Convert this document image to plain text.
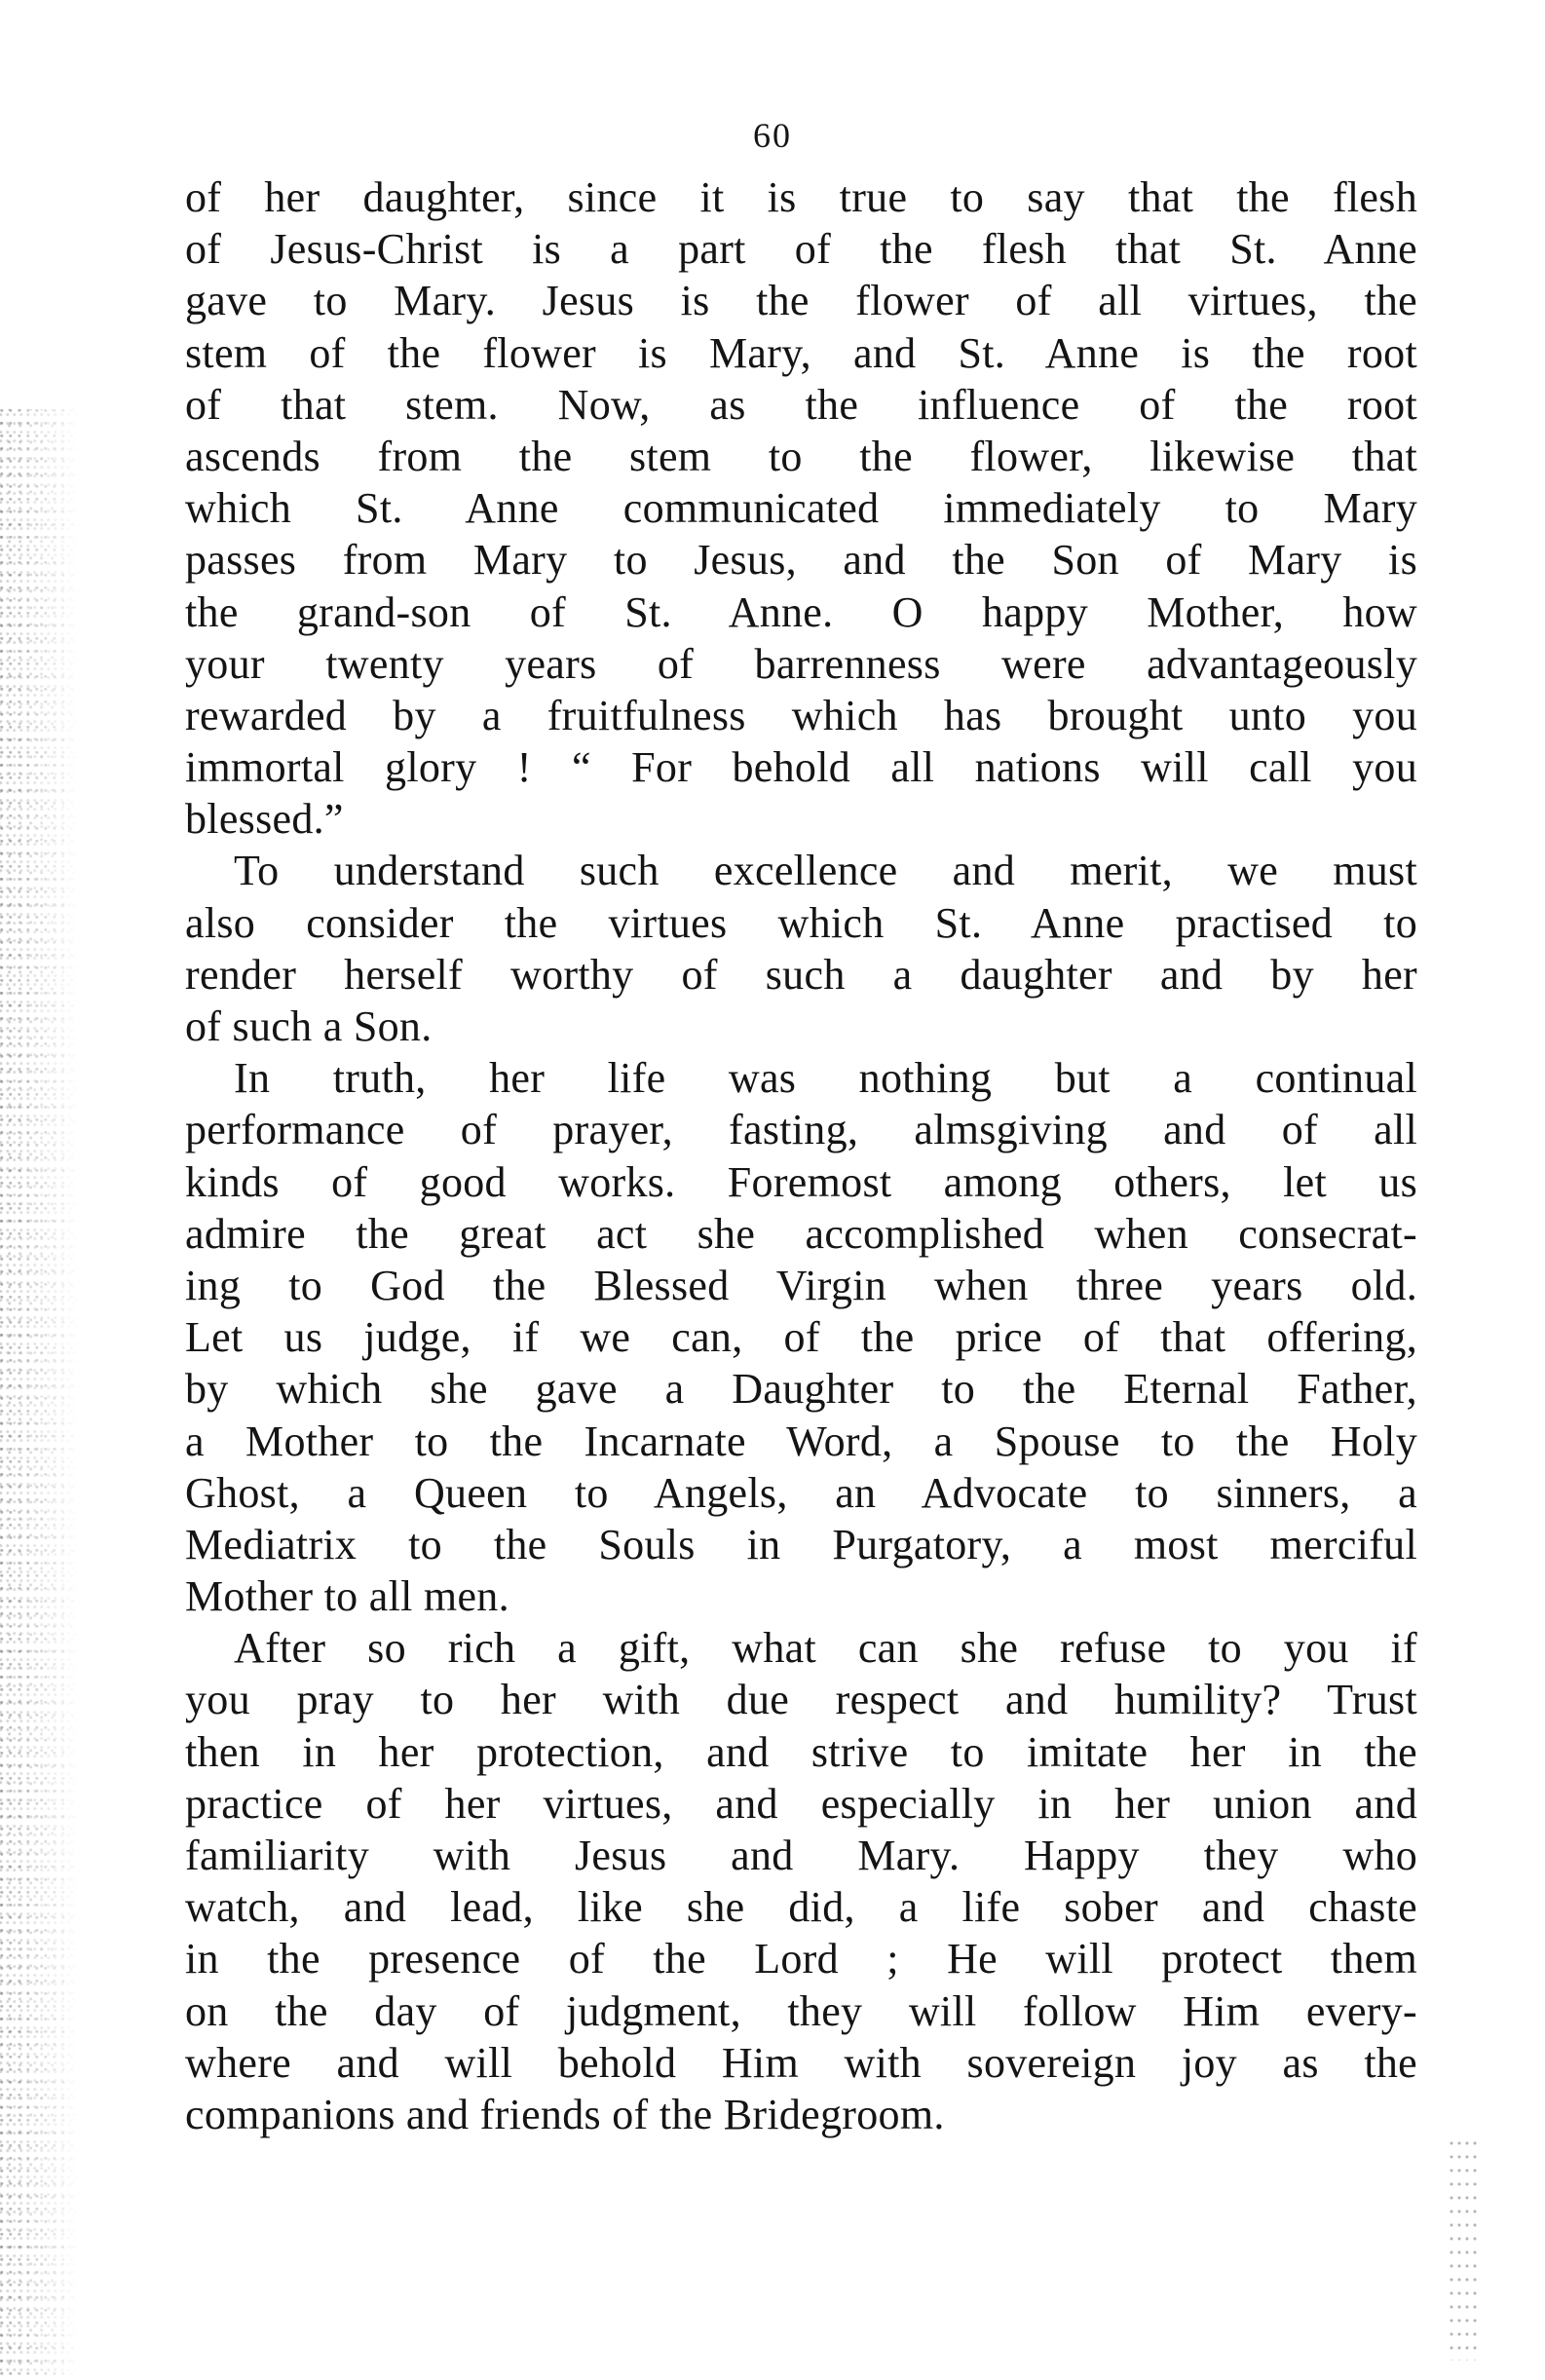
60
of her daughter, since it is true to say that the flesh
of Jesus-Christ is a part of the flesh that St. Anne
gave to Mary. Jesus is the flower of all virtues, the
stem of the flower is Mary, and St. Anne is the root
of that stem. Now, as the influence of the root
ascends from the stem to the flower, likewise that
which St. Anne communicated immediately to Mary
passes from Mary to Jesus, and the Son of Mary is
the grand-son of St. Anne. O happy Mother, how
your twenty years of barrenness were advantageously
rewarded by a fruitfulness which has brought unto you
immortal glory ! “ For behold all nations will call you
blessed.”
To understand such excellence and merit, we must
also consider the virtues which St. Anne practised to
render herself worthy of such a daughter and by her
of such a Son.
In truth, her life was nothing but a continual
performance of prayer, fasting, almsgiving and of all
kinds of good works. Foremost among others, let us
admire the great act she accomplished when consecrat-
ing to God the Blessed Virgin when three years old.
Let us judge, if we can, of the price of that offering,
by which she gave a Daughter to the Eternal Father,
a Mother to the Incarnate Word, a Spouse to the Holy
Ghost, a Queen to Angels, an Advocate to sinners, a
Mediatrix to the Souls in Purgatory, a most merciful
Mother to all men.
After so rich a gift, what can she refuse to you if
you pray to her with due respect and humility? Trust
then in her protection, and strive to imitate her in the
practice of her virtues, and especially in her union and
familiarity with Jesus and Mary. Happy they who
watch, and lead, like she did, a life sober and chaste
in the presence of the Lord ; He will protect them
on the day of judgment, they will follow Him every-
where and will behold Him with sovereign joy as the
companions and friends of the Bridegroom.
